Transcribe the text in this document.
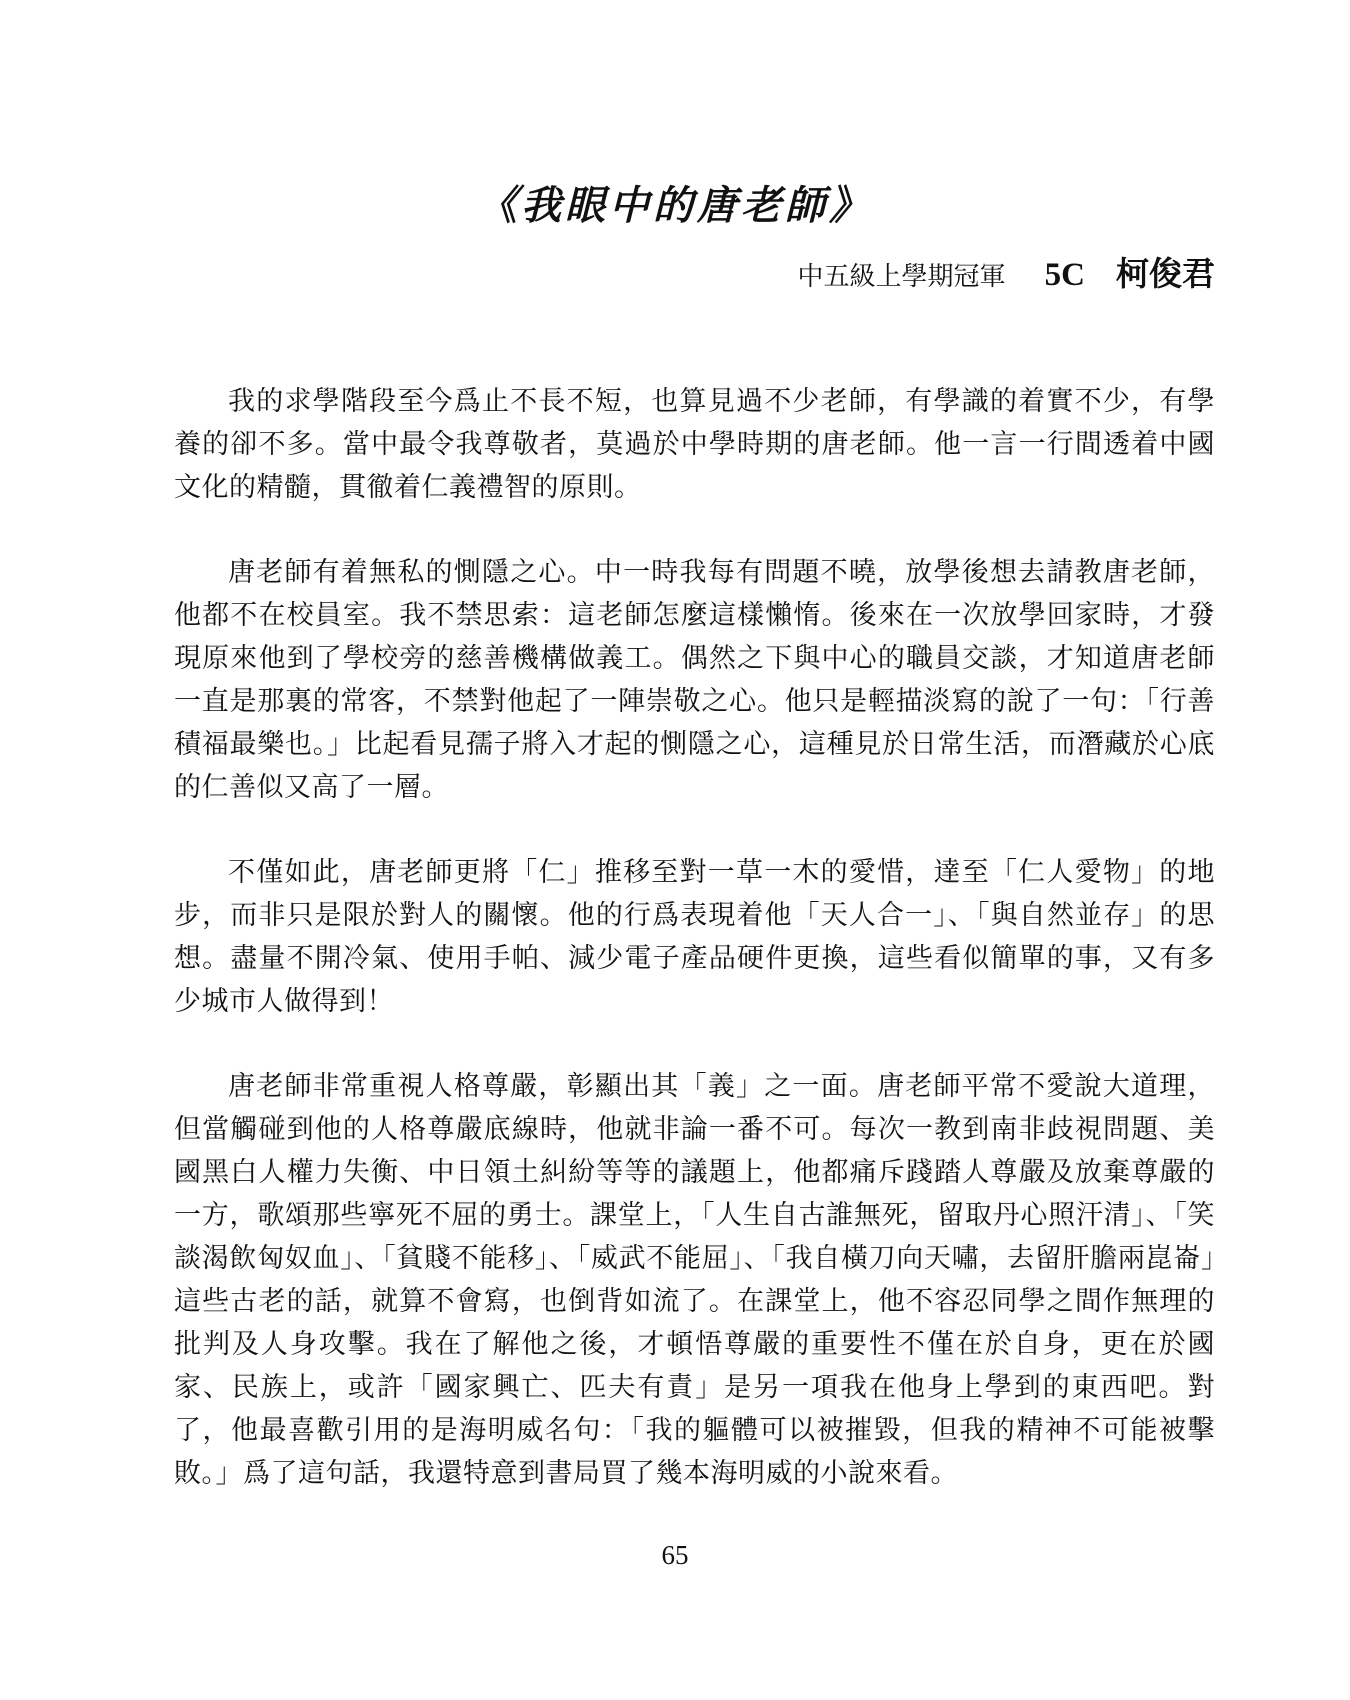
《我眼中的唐老師》
中五級上學期冠軍 5C 柯俊君

我的求學階段至今爲止不長不短，也算見過不少老師，有學識的着實不少，有學養的卻不多。當中最令我尊敬者，莫過於中學時期的唐老師。他一言一行間透着中國文化的精髓，貫徹着仁義禮智的原則。

唐老師有着無私的惻隱之心。中一時我每有問題不曉，放學後想去請教唐老師，他都不在校員室。我不禁思索：這老師怎麼這樣懶惰。後來在一次放學回家時，才發現原來他到了學校旁的慈善機構做義工。偶然之下與中心的職員交談，才知道唐老師一直是那裏的常客，不禁對他起了一陣崇敬之心。他只是輕描淡寫的說了一句：「行善積福最樂也。」比起看見孺子將入才起的惻隱之心，這種見於日常生活，而潛藏於心底的仁善似又高了一層。

不僅如此，唐老師更將「仁」推移至對一草一木的愛惜，達至「仁人愛物」的地步，而非只是限於對人的關懷。他的行爲表現着他「天人合一」、「與自然並存」的思想。盡量不開冷氣、使用手帕、減少電子產品硬件更換，這些看似簡單的事，又有多少城市人做得到！

唐老師非常重視人格尊嚴，彰顯出其「義」之一面。唐老師平常不愛說大道理，但當觸碰到他的人格尊嚴底線時，他就非論一番不可。每次一教到南非歧視問題、美國黑白人權力失衡、中日領土糾紛等等的議題上，他都痛斥踐踏人尊嚴及放棄尊嚴的一方，歌頌那些寧死不屈的勇士。課堂上，「人生自古誰無死，留取丹心照汗清」、「笑談渴飲匈奴血」、「貧賤不能移」、「威武不能屈」、「我自橫刀向天嘯，去留肝膽兩崑崙」這些古老的話，就算不會寫，也倒背如流了。在課堂上，他不容忍同學之間作無理的批判及人身攻擊。我在了解他之後，才頓悟尊嚴的重要性不僅在於自身，更在於國家、民族上，或許「國家興亡、匹夫有責」是另一項我在他身上學到的東西吧。對了，他最喜歡引用的是海明威名句：「我的軀體可以被摧毀，但我的精神不可能被擊敗。」爲了這句話，我還特意到書局買了幾本海明威的小說來看。

65
